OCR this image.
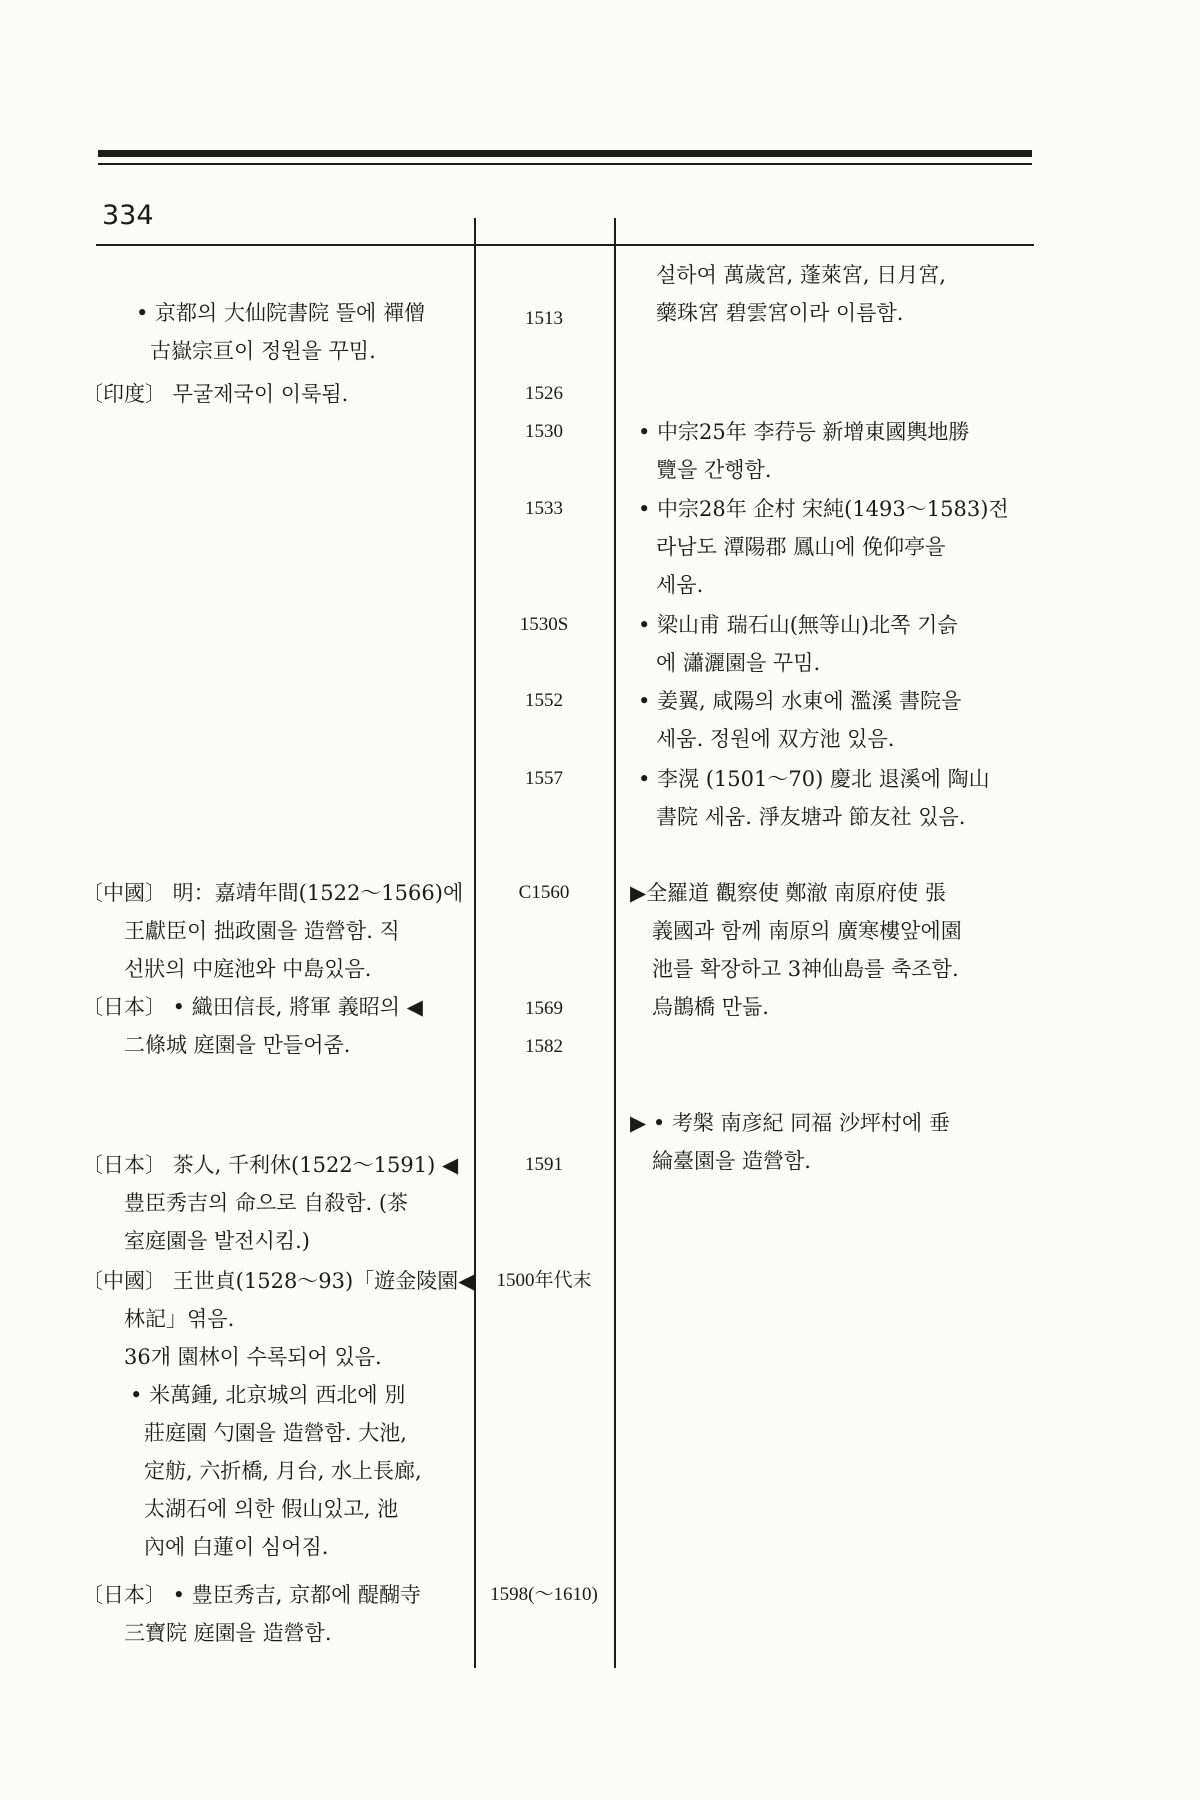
334
• 京都의 大仙院書院 뜰에 禪僧
古嶽宗亘이 정원을 꾸밈.
〔印度〕 무굴제국이 이룩됨.
〔中國〕 明：嘉靖年間(1522～1566)에
王獻臣이 拙政園을 造營함. 직
선狀의 中庭池와 中島있음.
〔日本〕 • 織田信長, 將軍 義昭의 ◀
二條城 庭園을 만들어줌.
〔日本〕 茶人, 千利休(1522～1591) ◀
豊臣秀吉의 命으로 自殺함. (茶
室庭園을 발전시킴.)
〔中國〕 王世貞(1528～93)「遊金陵園◀
林記」엮음.
36개 園林이 수록되어 있음.
• 米萬鍾, 北京城의 西北에 別
莊庭園 勺園을 造營함. 大池,
定舫, 六折橋, 月台, 水上長廊,
太湖石에 의한 假山있고, 池
內에 白蓮이 심어짐.
〔日本〕 • 豊臣秀吉, 京都에 醍醐寺
三寶院 庭園을 造營함.
1513
1526
1530
1533
1530S
1552
1557
C1560
1569
1582
1591
1500年代末
1598(～1610)
설하여 萬歲宮, 蓬萊宮, 日月宮,
藥珠宮 碧雲宮이라 이름함.
• 中宗25年 李荇등 新增東國輿地勝
覽을 간행함.
• 中宗28年 企村 宋純(1493～1583)전
라남도 潭陽郡 鳳山에 俛仰亭을
세움.
• 梁山甫 瑞石山(無等山)北쪽 기슭
에 瀟灑園을 꾸밈.
• 姜翼, 咸陽의 水東에 濫溪 書院을
세움. 정원에 双方池 있음.
• 李滉 (1501～70) 慶北 退溪에 陶山
書院 세움. 淨友塘과 節友社 있음.
▶全羅道 觀察使 鄭澈 南原府使 張
義國과 함께 南原의 廣寒樓앞에園
池를 확장하고 3神仙島를 축조함.
烏鵲橋 만듦.
▶ • 考槃 南彦紀 同福 沙坪村에 垂
綸臺園을 造營함.
